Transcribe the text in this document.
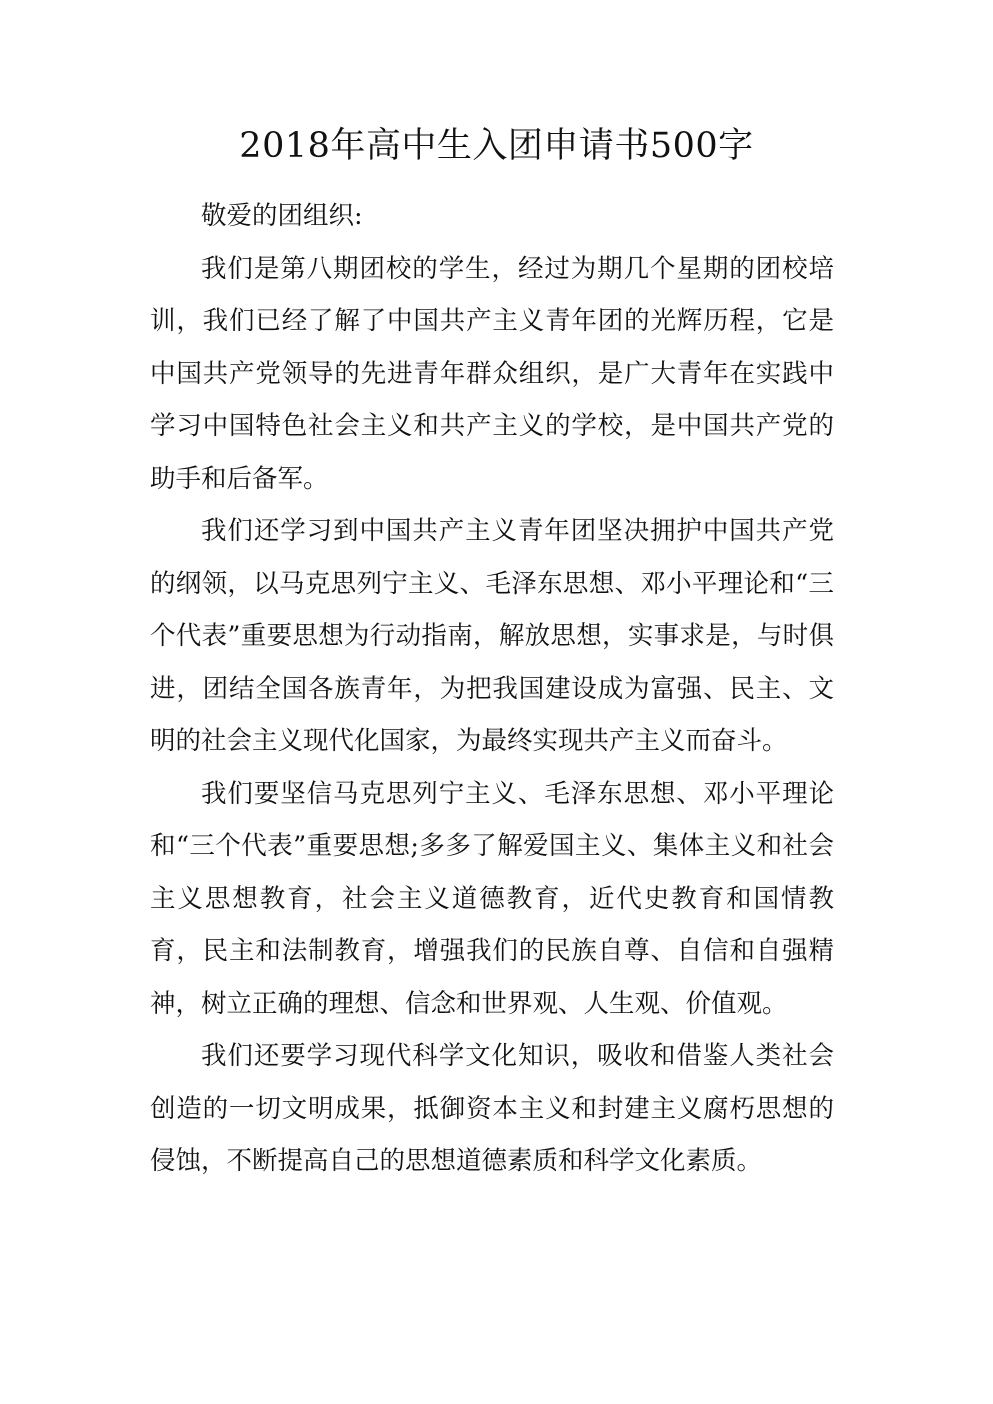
2018年高中生入团申请书500字

敬爱的团组织:

我们是第八期团校的学生，经过为期几个星期的团校培训，我们已经了解了中国共产主义青年团的光辉历程，它是中国共产党领导的先进青年群众组织，是广大青年在实践中学习中国特色社会主义和共产主义的学校，是中国共产党的助手和后备军。

我们还学习到中国共产主义青年团坚决拥护中国共产党的纲领，以马克思列宁主义、毛泽东思想、邓小平理论和“三个代表”重要思想为行动指南，解放思想，实事求是，与时俱进，团结全国各族青年，为把我国建设成为富强、民主、文明的社会主义现代化国家，为最终实现共产主义而奋斗。

我们要坚信马克思列宁主义、毛泽东思想、邓小平理论和“三个代表”重要思想;多多了解爱国主义、集体主义和社会主义思想教育，社会主义道德教育，近代史教育和国情教育，民主和法制教育，增强我们的民族自尊、自信和自强精神，树立正确的理想、信念和世界观、人生观、价值观。

我们还要学习现代科学文化知识，吸收和借鉴人类社会创造的一切文明成果，抵御资本主义和封建主义腐朽思想的侵蚀，不断提高自己的思想道德素质和科学文化素质。
